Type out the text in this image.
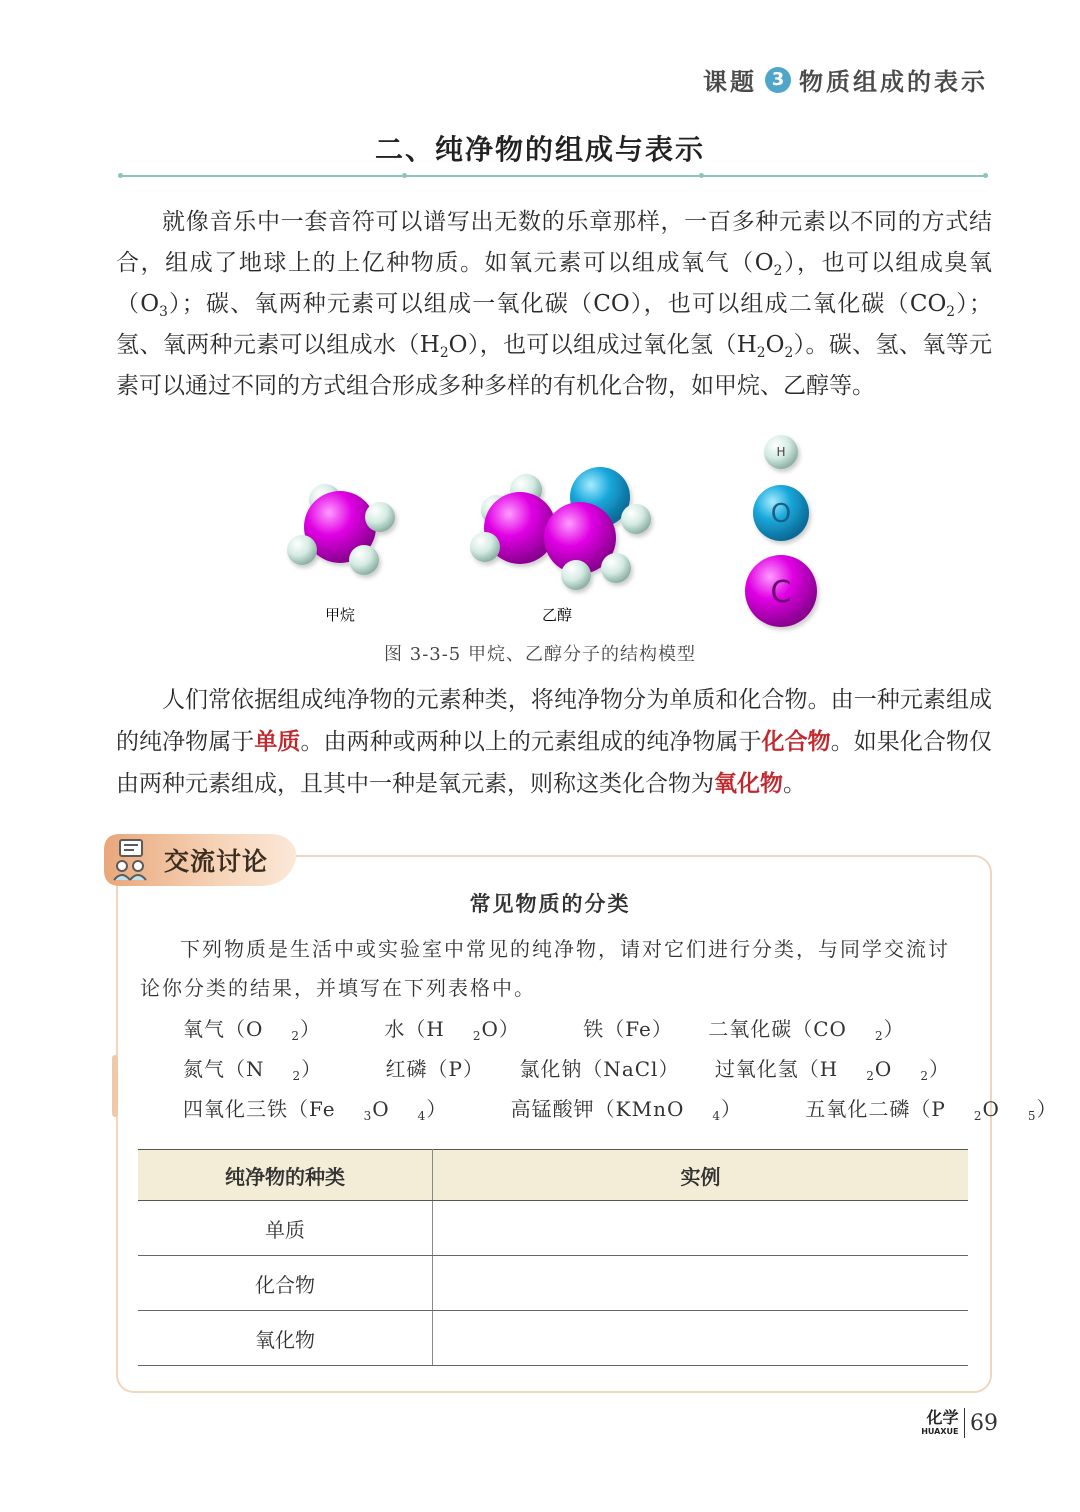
课题 3 物质组成的表示
二、纯净物的组成与表示

就像音乐中一套音符可以谱写出无数的乐章那样，一百多种元素以不同的方式结合，组成了地球上的上亿种物质。如氧元素可以组成氧气$(O_2)$，也可以组成臭氧$(O_3)$；碳、氧两种元素可以组成一氧化碳（CO），也可以组成二氧化碳$(CO_2)$；氢、氧两种元素可以组成水$(H_2O)$，也可以组成过氧化氢$(H_2O_2)$。碳、氢、氧等元素可以通过不同的方式组合形成多种多样的有机化合物，如甲烷、乙醇等。

甲烷	乙醇
H
O
C
图 3-3-5 甲烷、乙醇分子的结构模型

人们常依据组成纯净物的元素种类，将纯净物分为单质和化合物。由一种元素组成的纯净物属于单质。由两种或两种以上的元素组成的纯净物属于化合物。如果化合物仅由两种元素组成，且其中一种是氧元素，则称这类化合物为氧化物。

交流讨论
常见物质的分类

下列物质是生活中或实验室中常见的纯净物，请对它们进行分类，与同学交流讨论你分类的结果，并填写在下列表格中。

氧气（O $_2$）	水（H $_2$O）	铁（Fe） 二氧化碳（CO $_2$）
氮气（N $_2$）	红磷（P） 氯化钠（NaCl） 过氧化氢（H $_2$O $_2$）
四氧化三铁（Fe $_3$O $_4$）	高锰酸钾（KMnO $_4$）	五氧化二磷（P $_2$O $_5$）
纯净物的种类	实例
单质	
化合物	
氧化物	
化学
HUAXUE 69
